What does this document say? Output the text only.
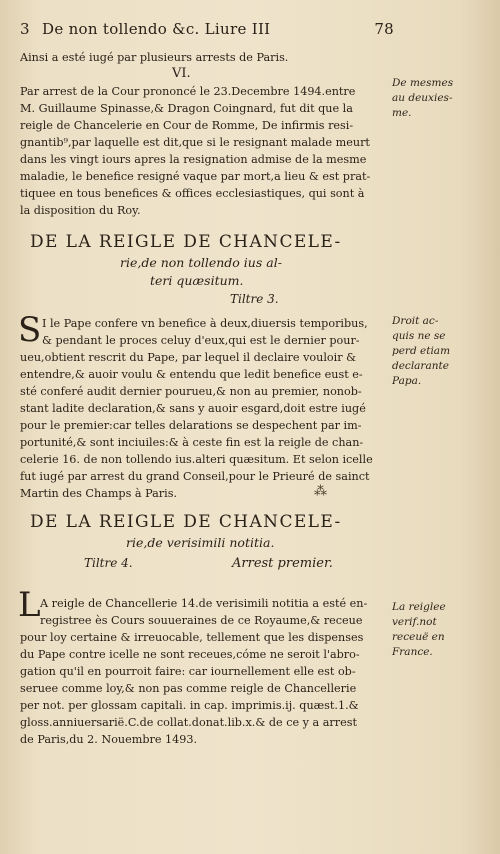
3 De non tollendo &c. Liure III	78
Ainsi a esté iugé par plusieurs arrests de Paris.
VI.
Par arrest de la Cour prononcé le 23.Decembre 1494.entre
M. Guillaume Spinasse,& Dragon Coingnard, fut dit que la
reigle de Chancelerie en Cour de Romme, De infirmis resi-
gnantib⁹,par laquelle est dit,que si le resignant malade meurt
dans les vingt iours apres la resignation admise de la mesme
maladie, le benefice resigné vaque par mort,a lieu & est prat-
tiquee en tous benefices & offices ecclesiastiques, qui sont à
la disposition du Roy.
De mesmes
au deuxies-
me.
DE LA REIGLE DE CHANCELE-
rie,de non tollendo ius al-
teri quæsitum.
Tiltre 3.
S I le Pape confere vn benefice à deux,diuersis temporibus,
& pendant le proces celuy d'eux,qui est le dernier pour-
ueu,obtient rescrit du Pape, par lequel il declaire vouloir &
entendre,& auoir voulu & entendu que ledit benefice eust e-
sté conferé audit dernier pourueu,& non au premier, nonob-
stant ladite declaration,& sans y auoir esgard,doit estre iugé
pour le premier:car telles delarations se despechent par im-
portunité,& sont inciuiles:& à ceste fin est la reigle de chan-
celerie 16. de non tollendo ius.alteri quæsitum. Et selon icelle
fut iugé par arrest du grand Conseil,pour le Prieuré de sainct
Martin des Champs à Paris.	⁂
Droit ac-
quis ne se
perd etiam
declarante
Papa.
DE LA REIGLE DE CHANCELE-
rie,de verisimili notitia.
Tiltre 4.	Arrest premier.
L A reigle de Chancellerie 14.de verisimili notitia a esté en-
registree ès Cours souueraines de ce Royaume,& receue
pour loy certaine & irreuocable, tellement que les dispenses
du Pape contre icelle ne sont receues,cóme ne seroit l'abro-
gation qu'il en pourroit faire: car iournellement elle est ob-
seruee comme loy,& non pas comme reigle de Chancellerie
per not. per glossam capitali. in cap. imprimis.ij. quæst.1.&
gloss.anniuersarië.C.de collat.donat.lib.x.& de ce y a arrest
de Paris,du 2. Nouembre 1493.
La reiglee
verif.not
receuë en
France.
